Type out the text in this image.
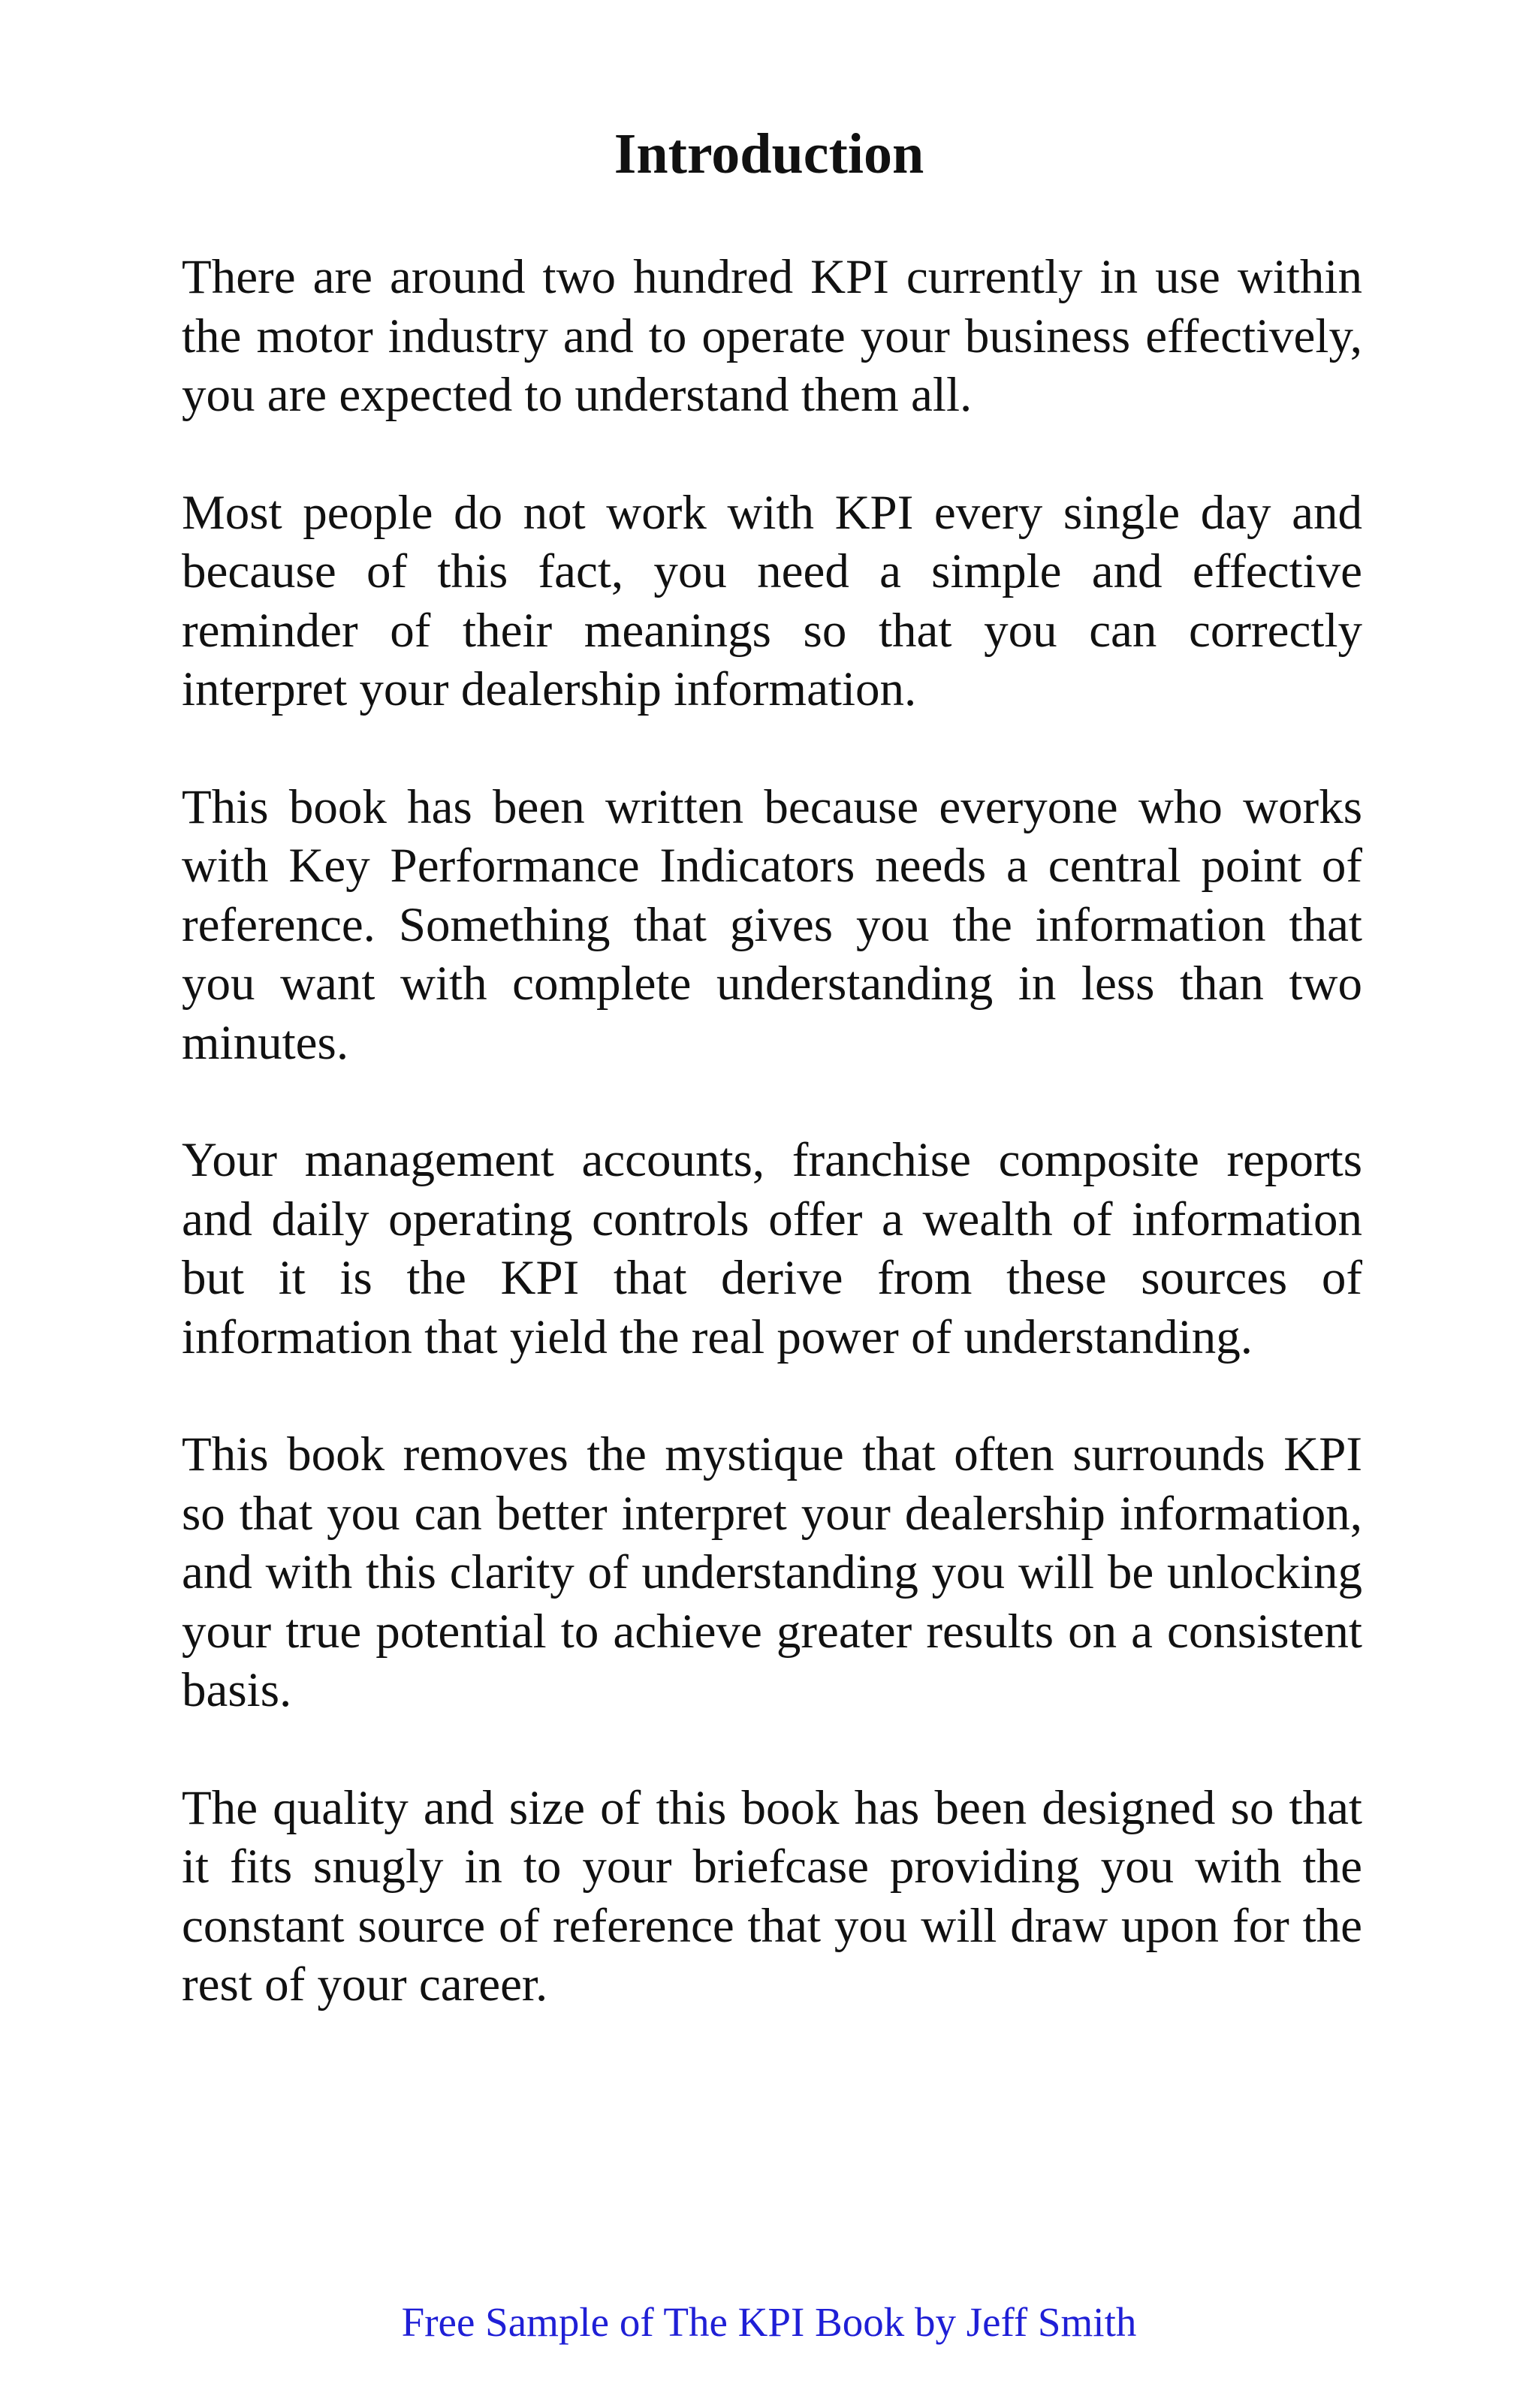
Introduction

There are around two hundred KPI currently in use within the motor industry and to operate your business effectively, you are expected to understand them all.

Most people do not work with KPI every single day and because of this fact, you need a simple and effective reminder of their meanings so that you can correctly interpret your dealership information.

This book has been written because everyone who works with Key Performance Indicators needs a central point of reference. Something that gives you the information that you want with complete understanding in less than two minutes.

Your management accounts, franchise composite reports and daily operating controls offer a wealth of information but it is the KPI that derive from these sources of information that yield the real power of understanding.

This book removes the mystique that often surrounds KPI so that you can better interpret your dealership information, and with this clarity of understanding you will be unlocking your true potential to achieve greater results on a consistent basis.

The quality and size of this book has been designed so that it fits snugly in to your briefcase providing you with the constant source of reference that you will draw upon for the rest of your career.

Free Sample of The KPI Book by Jeff Smith
